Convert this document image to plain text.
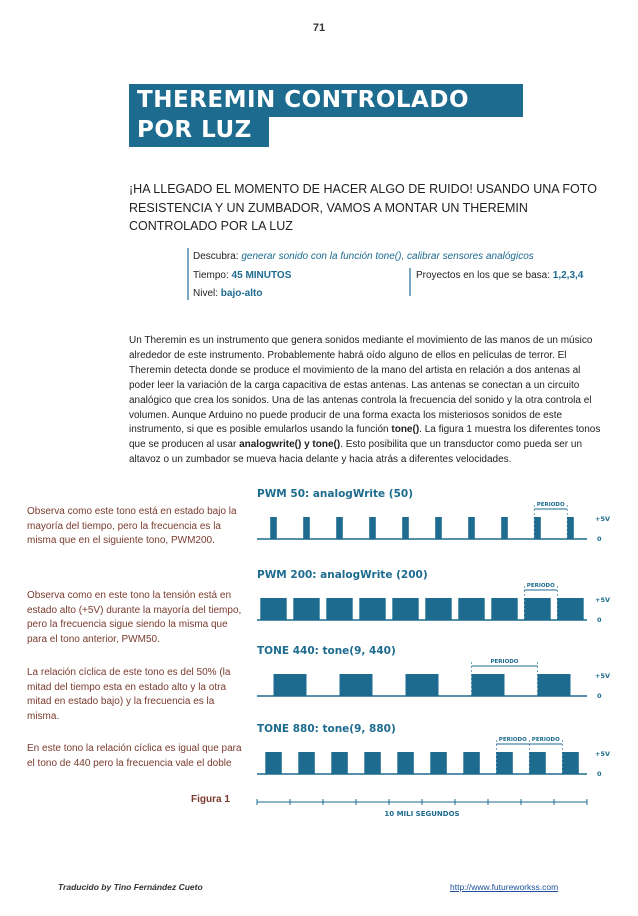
71
THEREMIN CONTROLADO
POR LUZ
¡HA LLEGADO EL MOMENTO DE HACER ALGO DE RUIDO! USANDO UNA FOTO RESISTENCIA Y UN ZUMBADOR, VAMOS A MONTAR UN THEREMIN CONTROLADO POR LA LUZ
Descubra: generar sonido con la función tone(), calibrar sensores analógicos
Tiempo: 45 MINUTOS
Nivel: bajo-alto
Proyectos en los que se basa: 1,2,3,4
Un Theremin es un instrumento que genera sonidos mediante el movimiento de las manos de un músico alrededor de este instrumento. Probablemente habrá oído alguno de ellos en películas de terror. El Theremin detecta donde se produce el movimiento de la mano del artista en relación a dos antenas al poder leer la variación de la carga capacitiva de estas antenas. Las antenas se conectan a un circuito analógico que crea los sonidos. Una de las antenas controla la frecuencia del sonido y la otra controla el volumen. Aunque Arduino no puede producir de una forma exacta los misteriosos sonidos de este instrumento, si que es posible emularlos usando la función tone(). La figura 1 muestra los diferentes tonos que se producen al usar analogwrite() y tone(). Esto posibilita que un transductor como pueda ser un altavoz o un zumbador se mueva hacia delante y hacia atrás a diferentes velocidades.
Observa como este tono está en estado bajo la mayoría del tiempo, pero la frecuencia es la misma que en el siguiente tono, PWM200.
Observa como en este tono la tensión está en estado alto (+5V) durante la mayoría del tiempo, pero la frecuencia sigue siendo la misma que para el tono anterior, PWM50.
La relación cíclica de este tono es del 50% (la mitad del tiempo esta en estado alto y la otra mitad en estado bajo) y la frecuencia es la misma.
En este tono la relación cíclica es igual que para el tono de 440 pero la frecuencia vale el doble
PWM 50: analogWrite (50)
+5V
0
PERIODO
PWM 200: analogWrite (200)
+5V
0
PERIODO
TONE 440: tone(9, 440)
+5V
0
PERIODO
TONE 880: tone(9, 880)
+5V
0
PERIODO
PERIODO
10 MILI SEGUNDOS
Figura 1
Traducido by Tino Fernández Cueto	http://www.futureworkss.com
